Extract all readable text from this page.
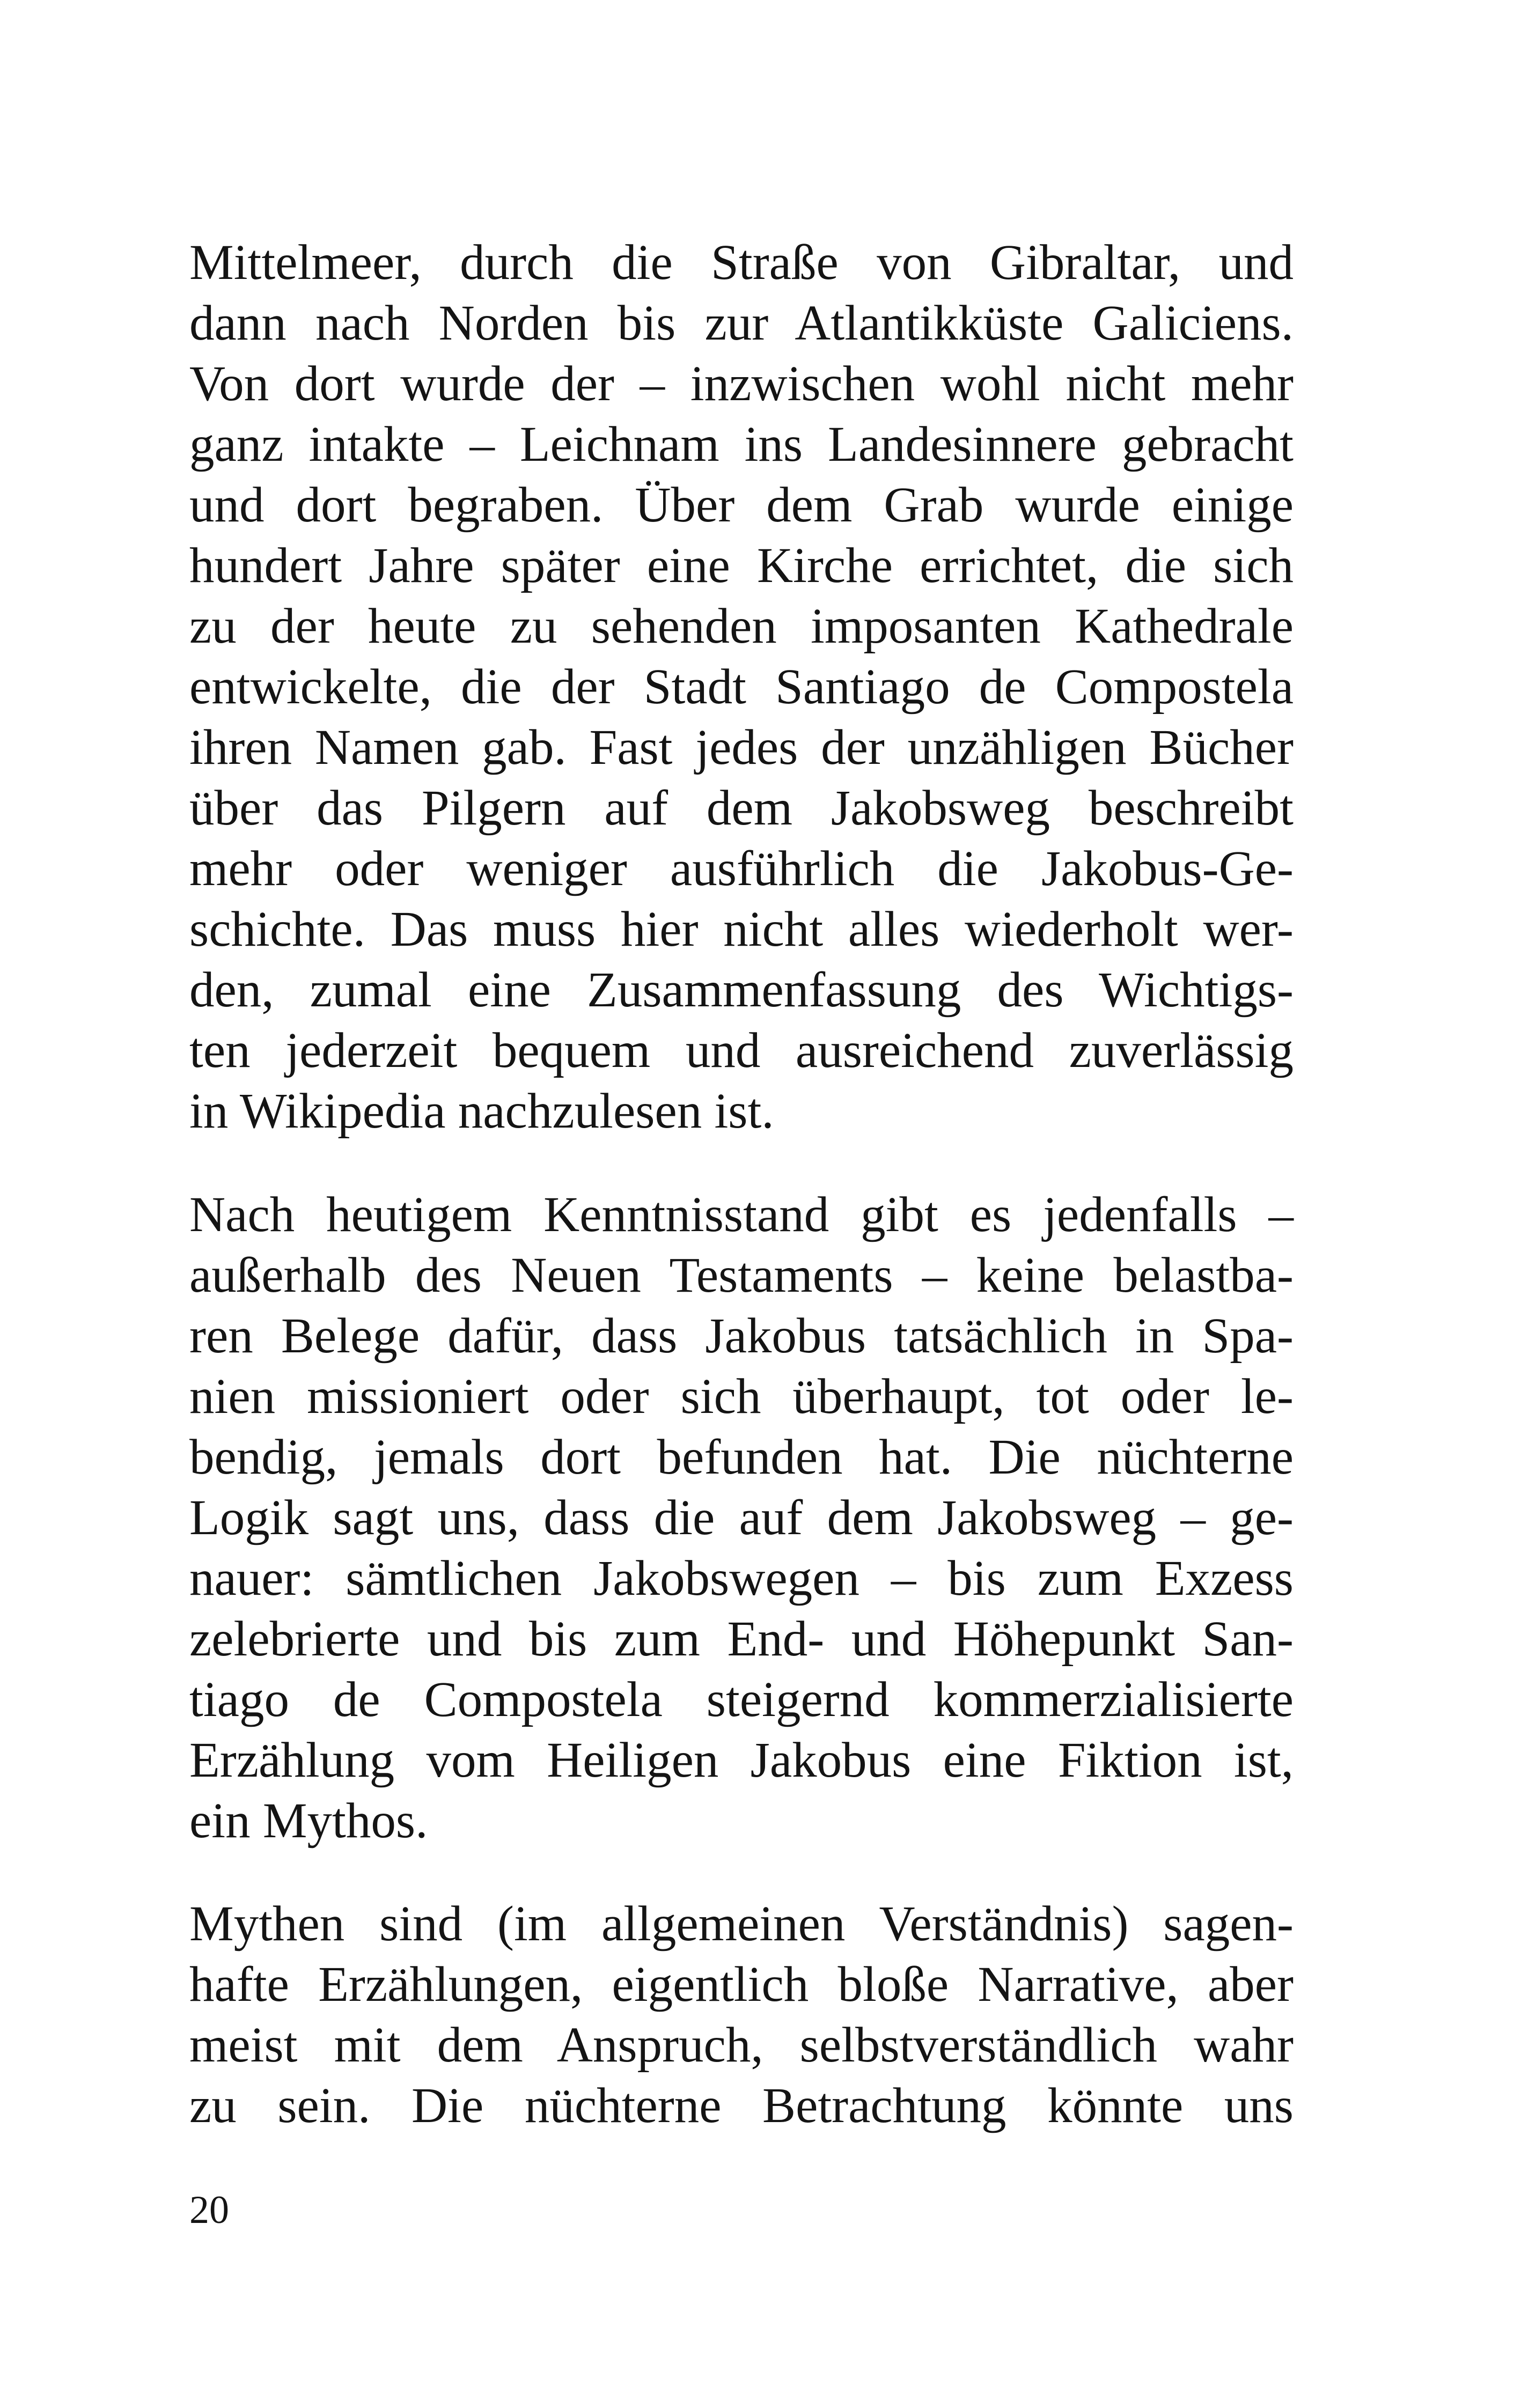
Mittelmeer, durch die Straße von Gibraltar, und
dann nach Norden bis zur Atlantikküste Galiciens.
Von dort wurde der – inzwischen wohl nicht mehr
ganz intakte – Leichnam ins Landesinnere gebracht
und dort begraben. Über dem Grab wurde einige
hundert Jahre später eine Kirche errichtet, die sich
zu der heute zu sehenden imposanten Kathedrale
entwickelte, die der Stadt Santiago de Compostela
ihren Namen gab. Fast jedes der unzähligen Bücher
über das Pilgern auf dem Jakobsweg beschreibt
mehr oder weniger ausführlich die Jakobus-Ge-
schichte. Das muss hier nicht alles wiederholt wer-
den, zumal eine Zusammenfassung des Wichtigs-
ten jederzeit bequem und ausreichend zuverlässig
in Wikipedia nachzulesen ist.
Nach heutigem Kenntnisstand gibt es jedenfalls –
außerhalb des Neuen Testaments – keine belastba-
ren Belege dafür, dass Jakobus tatsächlich in Spa-
nien missioniert oder sich überhaupt, tot oder le-
bendig, jemals dort befunden hat. Die nüchterne
Logik sagt uns, dass die auf dem Jakobsweg – ge-
nauer: sämtlichen Jakobswegen – bis zum Exzess
zelebrierte und bis zum End- und Höhepunkt San-
tiago de Compostela steigernd kommerzialisierte
Erzählung vom Heiligen Jakobus eine Fiktion ist,
ein Mythos.
Mythen sind (im allgemeinen Verständnis) sagen-
hafte Erzählungen, eigentlich bloße Narrative, aber
meist mit dem Anspruch, selbstverständlich wahr
zu sein. Die nüchterne Betrachtung könnte uns
20
